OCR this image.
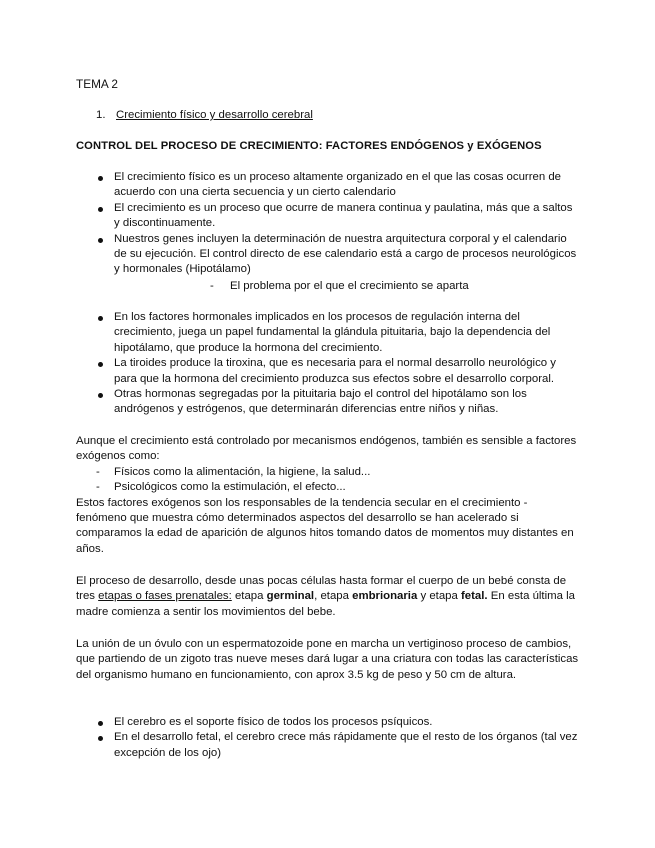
TEMA 2
1. Crecimiento físico y desarrollo cerebral
CONTROL DEL PROCESO DE CRECIMIENTO: FACTORES ENDÓGENOS y EXÓGENOS
El crecimiento físico es un proceso altamente organizado en el que las cosas ocurren de acuerdo con una cierta secuencia y un cierto calendario
El crecimiento es un proceso que ocurre de manera continua y paulatina, más que a saltos y discontinuamente.
Nuestros genes incluyen la determinación de nuestra arquitectura corporal y el calendario de su ejecución. El control directo de ese calendario está a cargo de procesos neurológicos y hormonales (Hipotálamo)
- El problema por el que el crecimiento se aparta
En los factores hormonales implicados en los procesos de regulación interna del crecimiento, juega un papel fundamental la glándula pituitaria, bajo la dependencia del hipotálamo, que produce la hormona del crecimiento.
La tiroides produce la tiroxina, que es necesaria para el normal desarrollo neurológico y para que la hormona del crecimiento produzca sus efectos sobre el desarrollo corporal.
Otras hormonas segregadas por la pituitaria bajo el control del hipotálamo son los andrógenos y estrógenos, que determinarán diferencias entre niños y niñas.

Aunque el crecimiento está controlado por mecanismos endógenos, también es sensible a factores exógenos como:

- Físicos como la alimentación, la higiene, la salud...
- Psicológicos como la estimulación, el efecto...

Estos factores exógenos son los responsables de la tendencia secular en el crecimiento - fenómeno que muestra cómo determinados aspectos del desarrollo se han acelerado si comparamos la edad de aparición de algunos hitos tomando datos de momentos muy distantes en años.

El proceso de desarrollo, desde unas pocas células hasta formar el cuerpo de un bebé consta de tres etapas o fases prenatales: etapa germinal, etapa embrionaria y etapa fetal. En esta última la madre comienza a sentir los movimientos del bebe.

La unión de un óvulo con un espermatozoide pone en marcha un vertiginoso proceso de cambios, que partiendo de un zigoto tras nueve meses dará lugar a una criatura con todas las características del organismo humano en funcionamiento, con aprox 3.5 kg de peso y 50 cm de altura.

El cerebro es el soporte físico de todos los procesos psíquicos.
En el desarrollo fetal, el cerebro crece más rápidamente que el resto de los órganos (tal vez excepción de los ojo)
